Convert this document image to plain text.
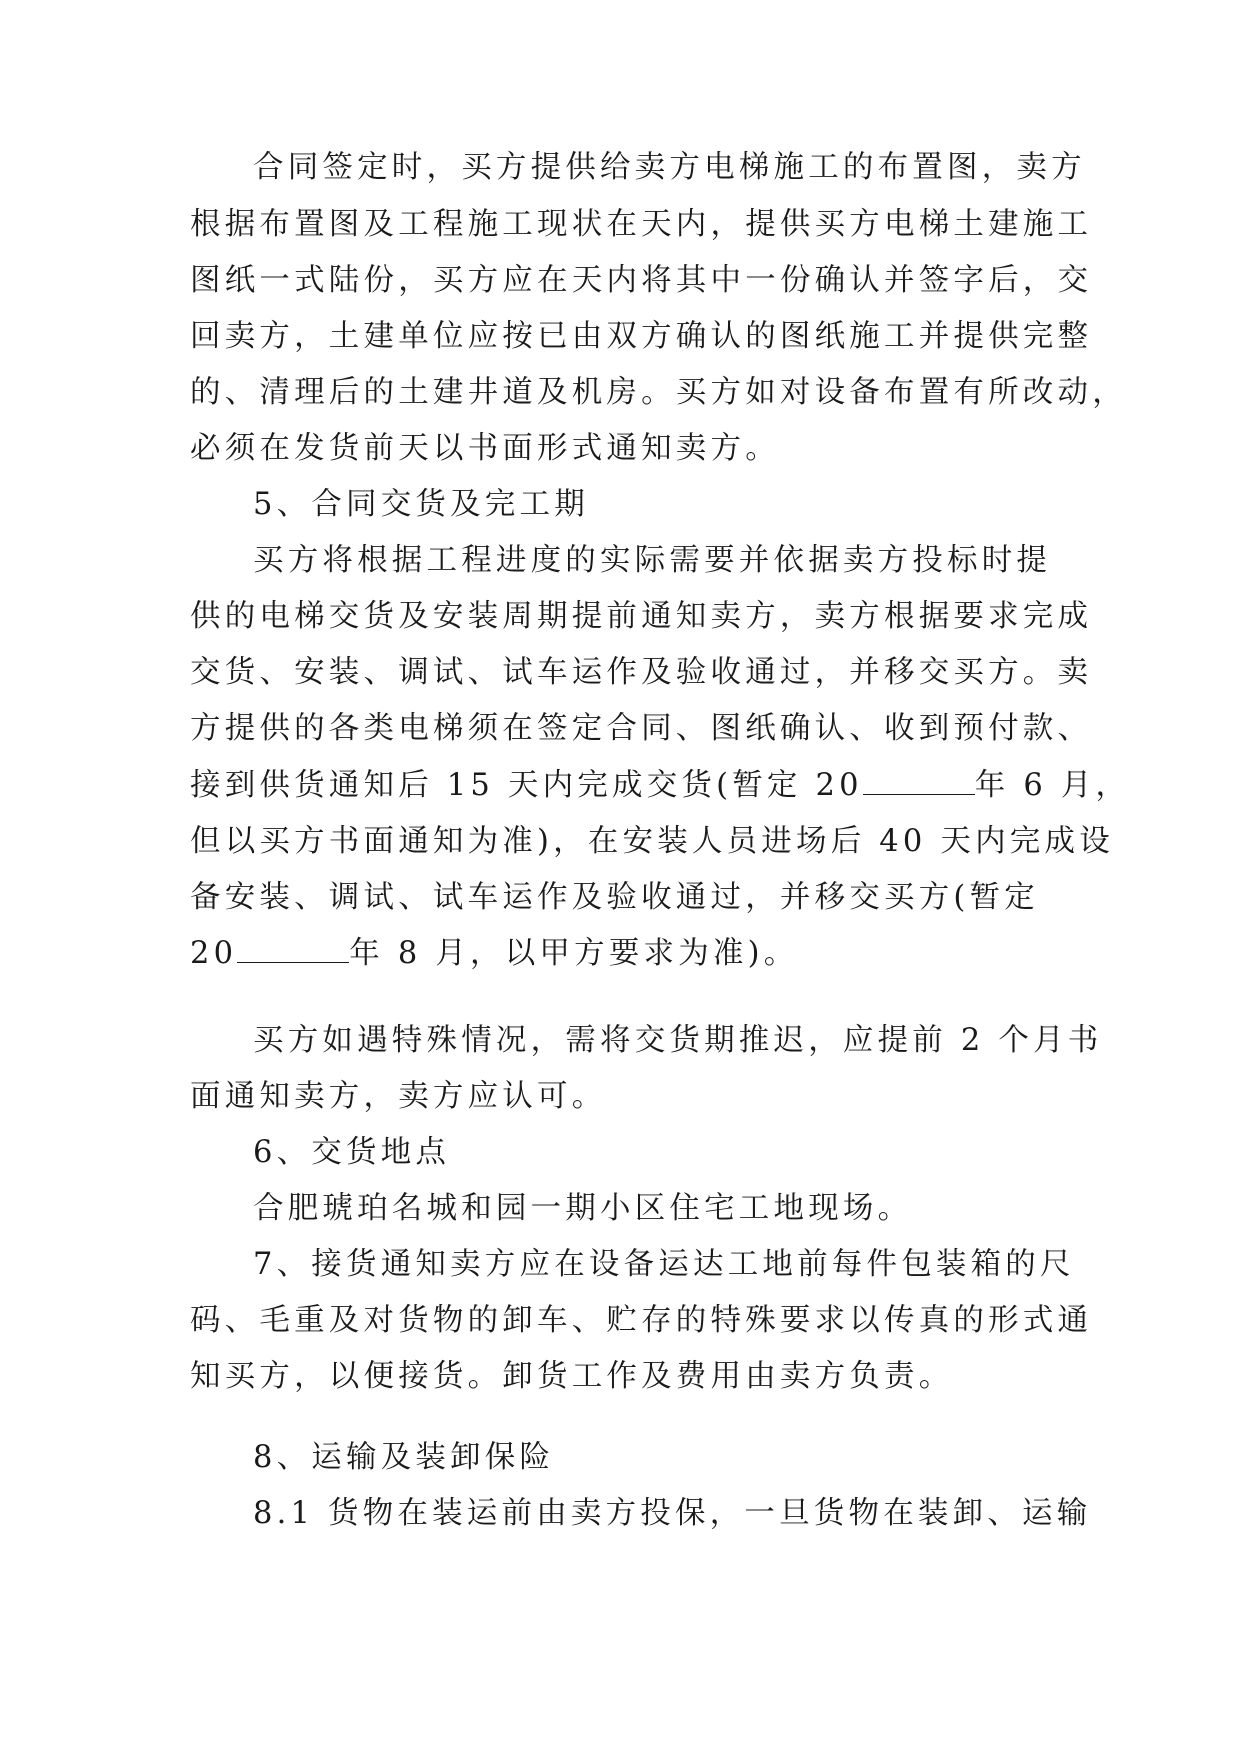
合同签定时，买方提供给卖方电梯施工的布置图，卖方
根据布置图及工程施工现状在天内，提供买方电梯土建施工
图纸一式陆份，买方应在天内将其中一份确认并签字后，交
回卖方，土建单位应按已由双方确认的图纸施工并提供完整
的、清理后的土建井道及机房。买方如对设备布置有所改动，
必须在发货前天以书面形式通知卖方。
5、合同交货及完工期
买方将根据工程进度的实际需要并依据卖方投标时提
供的电梯交货及安装周期提前通知卖方，卖方根据要求完成
交货、安装、调试、试车运作及验收通过，并移交买方。卖
方提供的各类电梯须在签定合同、图纸确认、收到预付款、
接到供货通知后 15 天内完成交货(暂定 20	年 6 月，
但以买方书面通知为准)，在安装人员进场后 40 天内完成设
备安装、调试、试车运作及验收通过，并移交买方(暂定
20	年 8 月，以甲方要求为准)。
买方如遇特殊情况，需将交货期推迟，应提前 2 个月书
面通知卖方，卖方应认可。
6、交货地点
合肥琥珀名城和园一期小区住宅工地现场。
7、接货通知卖方应在设备运达工地前每件包装箱的尺
码、毛重及对货物的卸车、贮存的特殊要求以传真的形式通
知买方，以便接货。卸货工作及费用由卖方负责。
8、运输及装卸保险
8.1 货物在装运前由卖方投保，一旦货物在装卸、运输
